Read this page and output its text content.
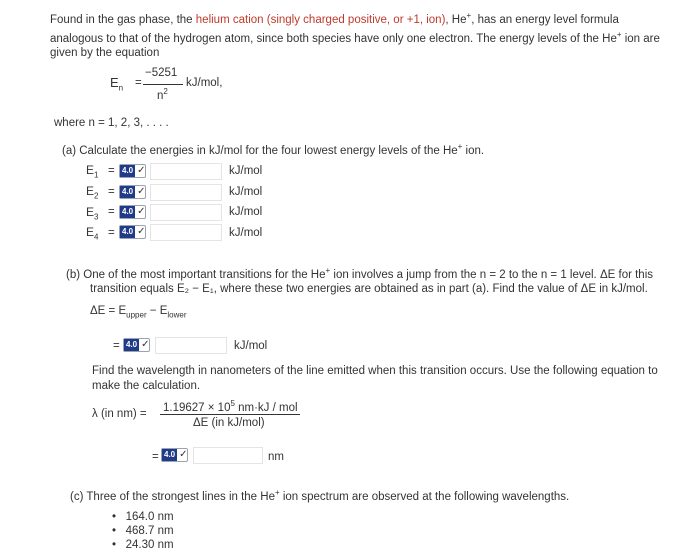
Found in the gas phase, the helium cation (singly charged positive, or +1, ion), He+, has an energy level formula
analogous to that of the hydrogen atom, since both species have only one electron. The energy levels of the He+ ion are
given by the equation
$E_n$ =
−5251
$n^2$
kJ/mol,
where n = 1, 2, 3, . . . .
(a) Calculate the energies in kJ/mol for the four lowest energy levels of the He+ ion.
$E_1 = 4.0$ ✓	kJ/mol
$E_2 = 4.0$ ✓	kJ/mol
$E_3 = 4.0$ ✓	kJ/mol
$E_4 = 4.0$ ✓	kJ/mol
(b) One of the most important transitions for the He+ ion involves a jump from the n = 2 to the n = 1 level. ΔE for this
transition equals E₂ − E₁, where these two energies are obtained as in part (a). Find the value of ΔE in kJ/mol.
$\Delta E = E_{upper} - E_{lower}$
= 4.0 ✓	kJ/mol
Find the wavelength in nanometers of the line emitted when this transition occurs. Use the following equation to
make the calculation.
λ (in nm) =
$1.19627 \times 10^5$ nm·kJ / mol
ΔE (in kJ/mol)
= 4.0 ✓	nm
(c) Three of the strongest lines in the He+ ion spectrum are observed at the following wavelengths.
•   164.0 nm
•   468.7 nm
•   24.30 nm
